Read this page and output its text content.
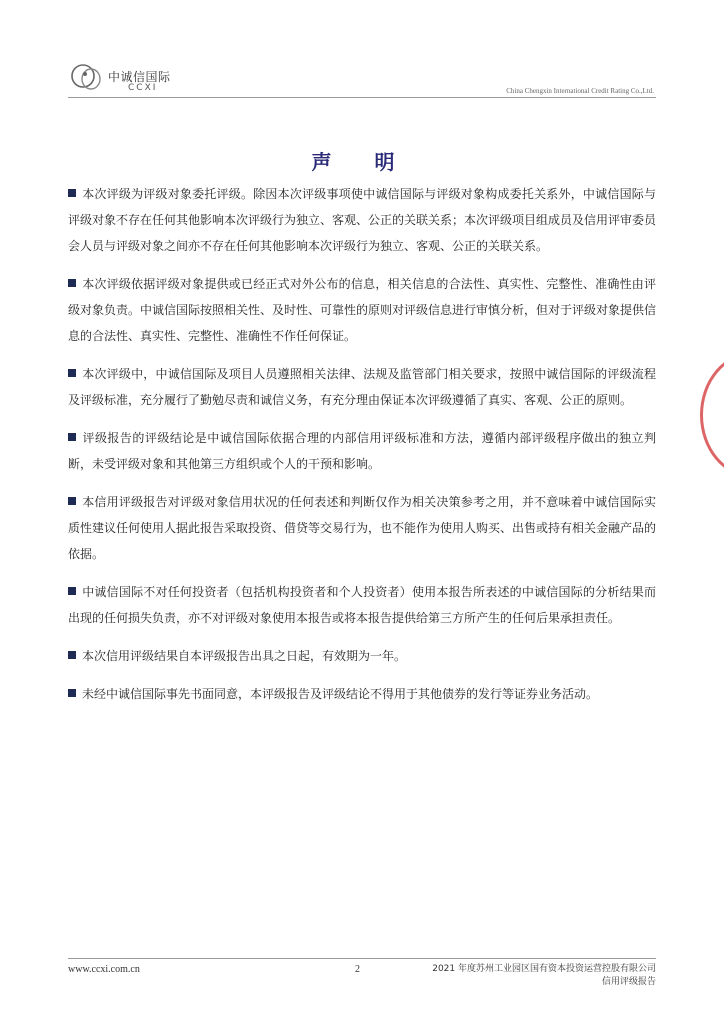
中诚信国际
CCXI	China Chengxin International Credit Rating Co.,Ltd.
声 明

本次评级为评级对象委托评级。除因本次评级事项使中诚信国际与评级对象构成委托关系外，中诚信国际与评级对象不存在任何其他影响本次评级行为独立、客观、公正的关联关系；本次评级项目组成员及信用评审委员会人员与评级对象之间亦不存在任何其他影响本次评级行为独立、客观、公正的关联关系。

本次评级依据评级对象提供或已经正式对外公布的信息，相关信息的合法性、真实性、完整性、准确性由评级对象负责。中诚信国际按照相关性、及时性、可靠性的原则对评级信息进行审慎分析，但对于评级对象提供信息的合法性、真实性、完整性、准确性不作任何保证。

本次评级中，中诚信国际及项目人员遵照相关法律、法规及监管部门相关要求，按照中诚信国际的评级流程及评级标准，充分履行了勤勉尽责和诚信义务，有充分理由保证本次评级遵循了真实、客观、公正的原则。

评级报告的评级结论是中诚信国际依据合理的内部信用评级标准和方法，遵循内部评级程序做出的独立判断，未受评级对象和其他第三方组织或个人的干预和影响。

本信用评级报告对评级对象信用状况的任何表述和判断仅作为相关决策参考之用，并不意味着中诚信国际实质性建议任何使用人据此报告采取投资、借贷等交易行为，也不能作为使用人购买、出售或持有相关金融产品的依据。

中诚信国际不对任何投资者（包括机构投资者和个人投资者）使用本报告所表述的中诚信国际的分析结果而出现的任何损失负责，亦不对评级对象使用本报告或将本报告提供给第三方所产生的任何后果承担责任。

本次信用评级结果自本评级报告出具之日起，有效期为一年。

未经中诚信国际事先书面同意，本评级报告及评级结论不得用于其他债券的发行等证券业务活动。

www.ccxi.com.cn	2	2021 年度苏州工业园区国有资本投资运营控股有限公司
信用评级报告
